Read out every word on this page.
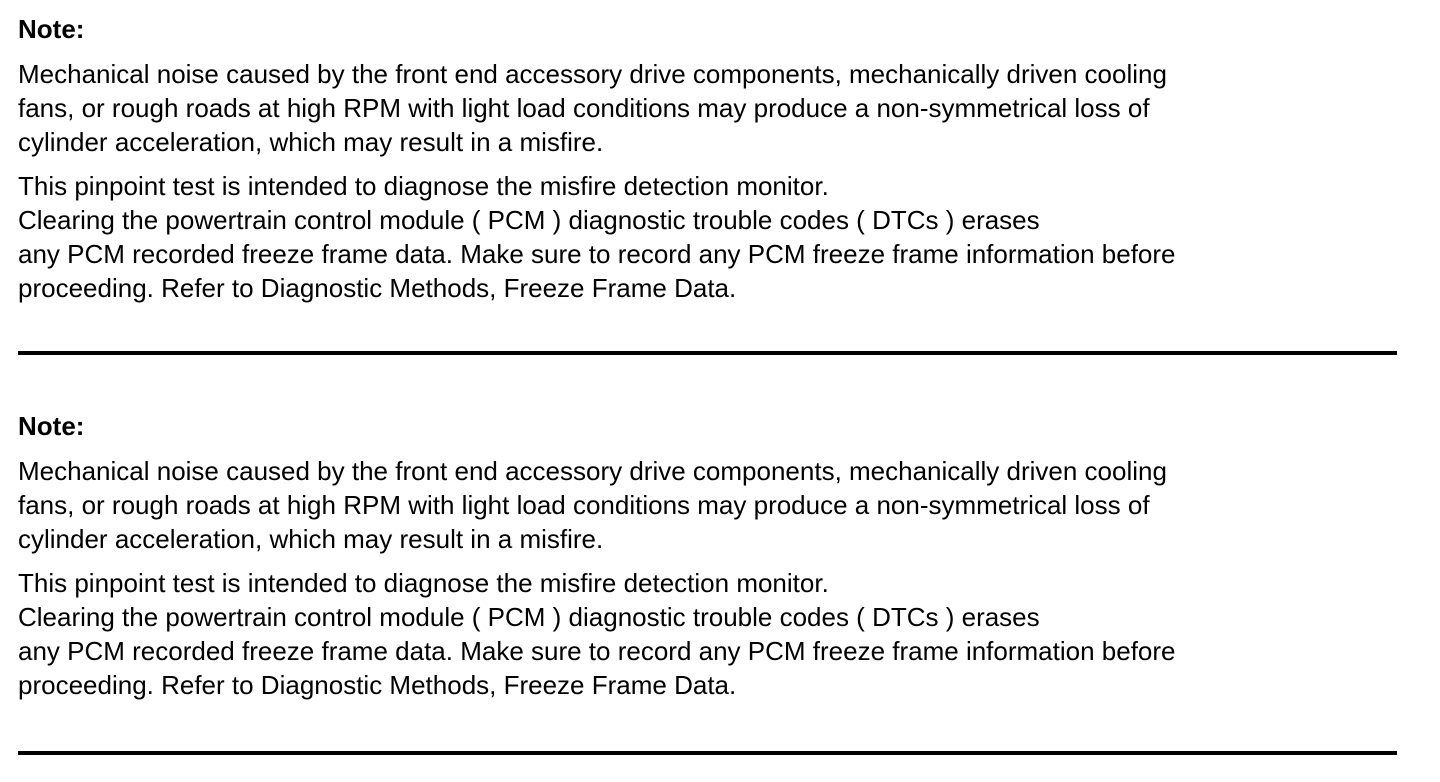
Note:

Mechanical noise caused by the front end accessory drive components, mechanically driven cooling
fans, or rough roads at high RPM with light load conditions may produce a non-symmetrical loss of
cylinder acceleration, which may result in a misfire.

This pinpoint test is intended to diagnose the misfire detection monitor.
Clearing the powertrain control module ( PCM ) diagnostic trouble codes ( DTCs ) erases
any PCM recorded freeze frame data. Make sure to record any PCM freeze frame information before
proceeding. Refer to Diagnostic Methods, Freeze Frame Data.

Note:

Mechanical noise caused by the front end accessory drive components, mechanically driven cooling
fans, or rough roads at high RPM with light load conditions may produce a non-symmetrical loss of
cylinder acceleration, which may result in a misfire.

This pinpoint test is intended to diagnose the misfire detection monitor.
Clearing the powertrain control module ( PCM ) diagnostic trouble codes ( DTCs ) erases
any PCM recorded freeze frame data. Make sure to record any PCM freeze frame information before
proceeding. Refer to Diagnostic Methods, Freeze Frame Data.
